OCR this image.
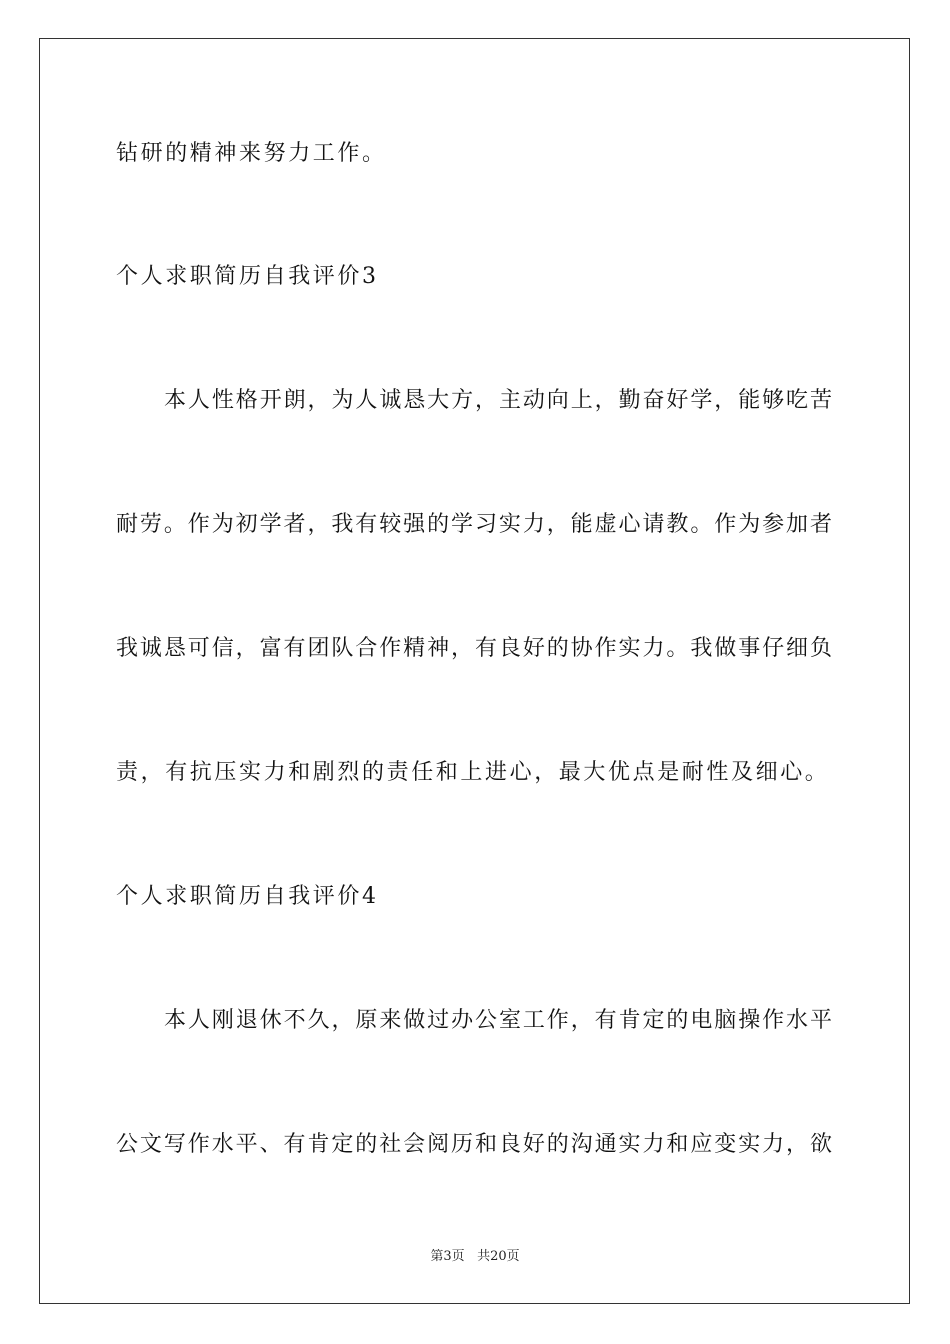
钻研的精神来努力工作。
个人求职简历自我评价3
本人性格开朗，为人诚恳大方，主动向上，勤奋好学，能够吃苦
耐劳。作为初学者，我有较强的学习实力，能虚心请教。作为参加者
我诚恳可信，富有团队合作精神，有良好的协作实力。我做事仔细负
责，有抗压实力和剧烈的责任和上进心，最大优点是耐性及细心。
个人求职简历自我评价4
本人刚退休不久，原来做过办公室工作，有肯定的电脑操作水平
公文写作水平、有肯定的社会阅历和良好的沟通实力和应变实力，欲
第3页 共20页
